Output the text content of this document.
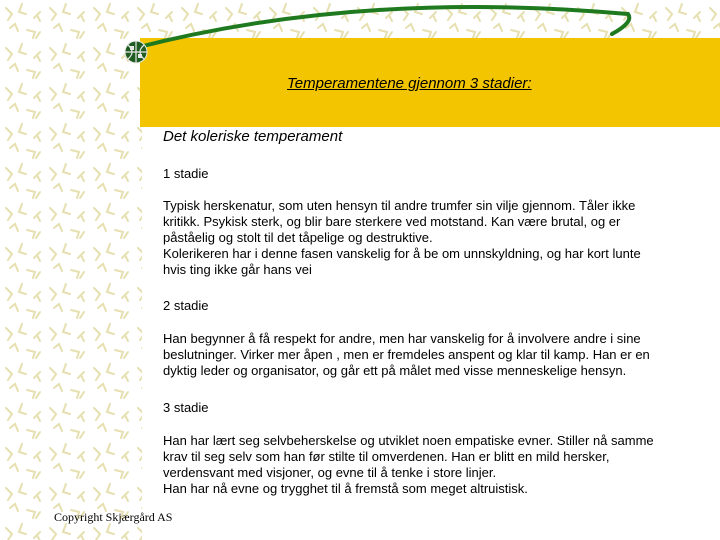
Temperamentene gjennom 3 stadier:
Det koleriske temperament
1 stadie
Typisk herskenatur, som uten hensyn til andre trumfer sin vilje gjennom. Tåler ikke
kritikk. Psykisk sterk, og blir bare sterkere ved motstand. Kan være brutal, og er
påståelig og stolt til det tåpelige og destruktive.
Kolerikeren har i denne fasen vanskelig for å be om unnskyldning, og har kort lunte
hvis ting ikke går hans vei
2 stadie
Han begynner å få respekt for andre, men har vanskelig for å involvere andre i sine
beslutninger. Virker mer åpen , men er fremdeles anspent og klar til kamp. Han er en
dyktig leder og organisator, og går ett på målet med visse menneskelige hensyn.
3 stadie
Han har lært seg selvbeherskelse og utviklet noen empatiske evner. Stiller nå samme
krav til seg selv som han før stilte til omverdenen. Han er blitt en mild hersker,
verdensvant med visjoner, og evne til å tenke i store linjer.
Han har nå evne og trygghet til å fremstå som meget altruistisk.
Copyright Skjærgård AS
